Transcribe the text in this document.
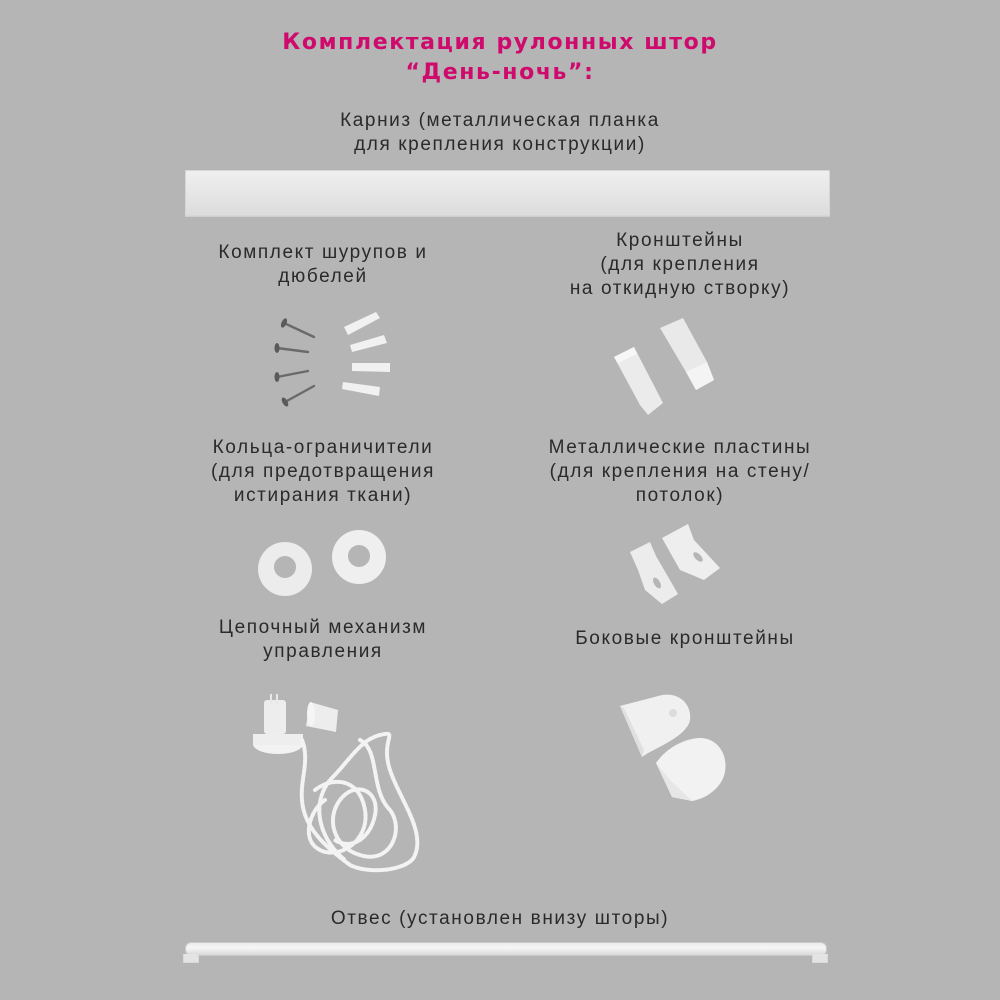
Комплектация рулонных штор
“День-ночь”:
Карниз (металлическая планка
для крепления конструкции)
Комплект шурупов и
дюбелей
Кронштейны
(для крепления
на откидную створку)
Кольца-ограничители
(для предотвращения
истирания ткани)
Металлические пластины
(для крепления на стену/
потолок)
Цепочный механизм
управления
Боковые кронштейны
Отвес (установлен внизу шторы)
